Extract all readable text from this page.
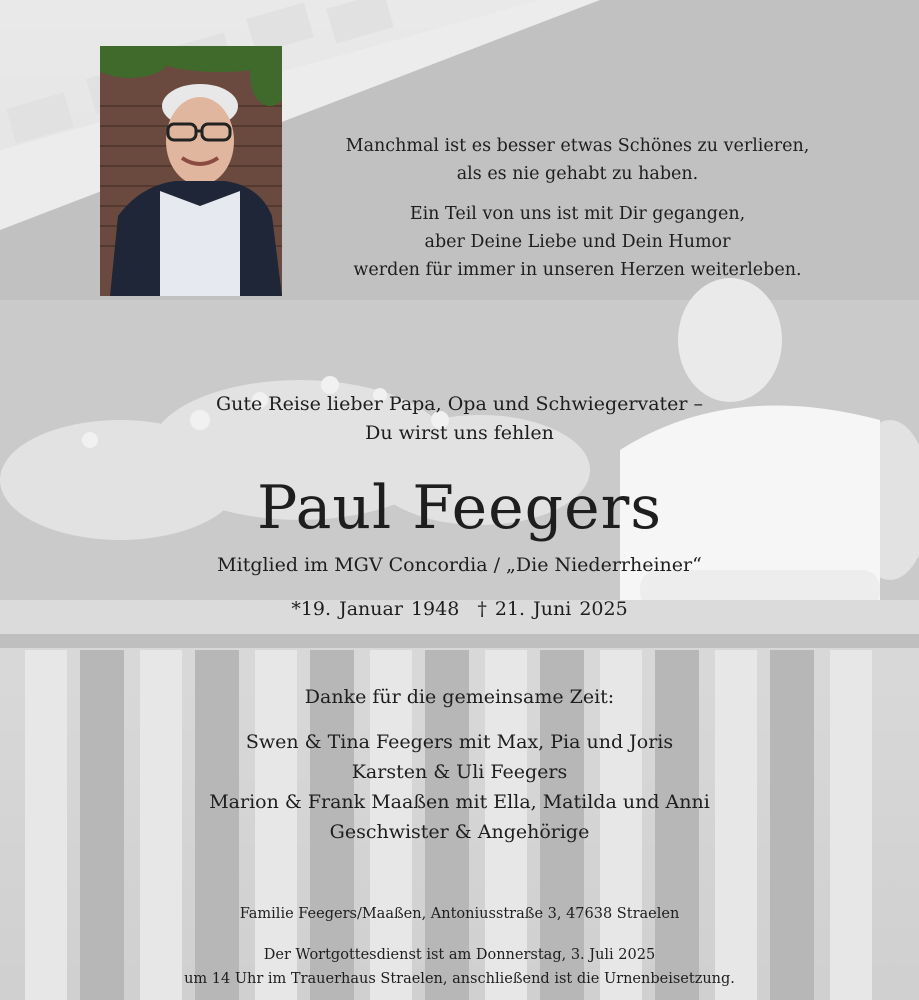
Manchmal ist es besser etwas Schönes zu verlieren,
als es nie gehabt zu haben.

Ein Teil von uns ist mit Dir gegangen,
aber Deine Liebe und Dein Humor
werden für immer in unseren Herzen weiterleben.

Gute Reise lieber Papa, Opa und Schwiegervater –
Du wirst uns fehlen
Paul Feegers
Mitglied im MGV Concordia / „Die Niederrheiner“
*19. Januar 1948 † 21. Juni 2025
Danke für die gemeinsame Zeit:
Swen & Tina Feegers mit Max, Pia und Joris
Karsten & Uli Feegers
Marion & Frank Maaßen mit Ella, Matilda und Anni
Geschwister & Angehörige
Familie Feegers/Maaßen, Antoniusstraße 3, 47638 Straelen
Der Wortgottesdienst ist am Donnerstag, 3. Juli 2025
um 14 Uhr im Trauerhaus Straelen, anschließend ist die Urnenbeisetzung.
